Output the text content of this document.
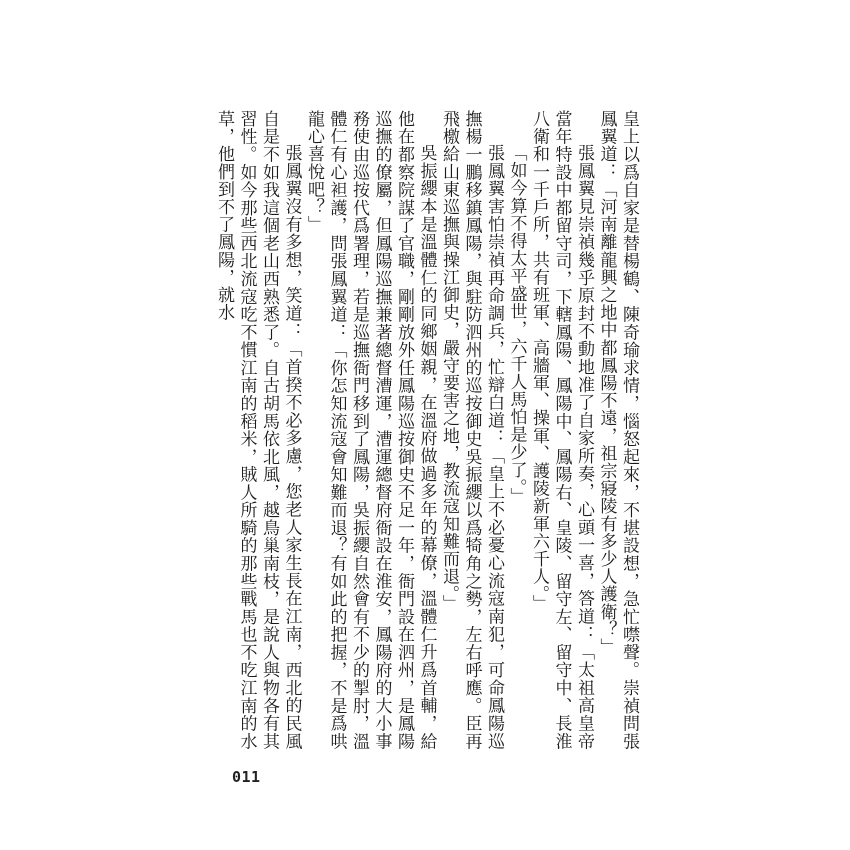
皇上以爲自家是替楊鶴、陳奇瑜求情，惱怒起來，不堪設想，急忙噤聲。崇禎問張鳳翼道：「河南離龍興之地中都鳳陽不遠，祖宗寢陵有多少人護衛？」

張鳳翼見崇禎幾乎原封不動地准了自家所奏，心頭一喜，答道：「太祖高皇帝當年特設中都留守司，下轄鳳陽、鳳陽中、鳳陽右、皇陵、留守左、留守中、長淮八衛和一千戶所，共有班軍、高牆軍、操軍、護陵新軍六千人。」

「如今算不得太平盛世，六千人馬怕是少了。」

張鳳翼害怕崇禎再命調兵，忙辯白道：「皇上不必憂心流寇南犯，可命鳳陽巡撫楊一鵬移鎮鳳陽，與駐防泗州的巡按御史吳振纓以爲犄角之勢，左右呼應。臣再飛檄給山東巡撫與操江御史，嚴守要害之地，教流寇知難而退。」

吳振纓本是溫體仁的同鄉姻親，在溫府做過多年的幕僚，溫體仁升爲首輔，給他在都察院謀了官職，剛剛放外任鳳陽巡按御史不足一年，衙門設在泗州，是鳳陽巡撫的僚屬，但鳳陽巡撫兼著總督漕運，漕運總督府衙設在淮安，鳳陽府的大小事務使由巡按代爲署理，若是巡撫衙門移到了鳳陽，吳振纓自然會有不少的掣肘，溫體仁有心袒護，問張鳳翼道：「你怎知流寇會知難而退？有如此的把握，不是爲哄龍心喜悅吧？」

張鳳翼沒有多想，笑道：「首揆不必多慮，您老人家生長在江南，西北的民風自是不如我這個老山西熟悉了。自古胡馬依北風，越鳥巢南枝，是說人與物各有其習性。如今那些西北流寇吃不慣江南的稻米，賊人所騎的那些戰馬也不吃江南的水草，他們到不了鳳陽，就水

011
